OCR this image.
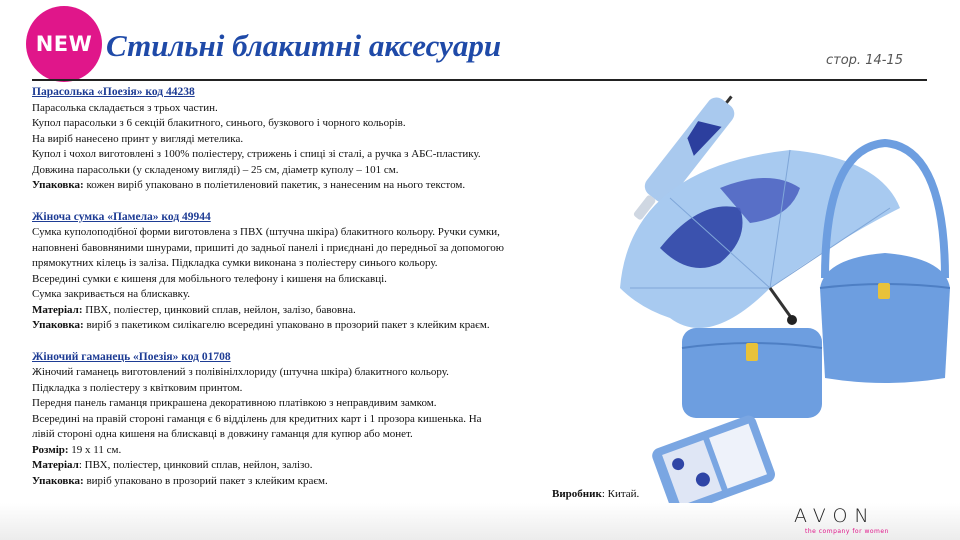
NEW Стильні блакитні аксесуари	стор. 14-15

Парасолька «Поезія» код 44238

Парасолька складається з трьох частин.

Купол парасольки з 6 секцій блакитного, синього, бузкового і чорного кольорів.

На виріб нанесено принт у вигляді метелика.

Купол і чохол виготовлені з 100% поліестеру, стрижень і спиці зі сталі, а ручка з АБС-пластику.

Довжина парасольки (у складеному вигляді) – 25 см, діаметр куполу – 101 см.

Упаковка: кожен виріб упаковано в поліетиленовий пакетик, з нанесеним на нього текстом.

Жіноча сумка «Памела» код 49944

Сумка куполоподібної форми виготовлена з ПВХ (штучна шкіра) блакитного кольору. Ручки сумки,

наповнені бавовняними шнурами, пришиті до задньої панелі і приєднані до передньої за допомогою

прямокутних кілець із заліза. Підкладка сумки виконана з поліестеру синього кольору.

Всередині сумки є кишеня для мобільного телефону і кишеня на блискавці.

Сумка закривається на блискавку.

Матеріал: ПВХ, поліестер, цинковий сплав, нейлон, залізо, бавовна.

Упаковка: виріб з пакетиком силікагелю всередині упаковано в прозорий пакет з клейким краєм.

Жіночий гаманець «Поезія» код 01708

Жіночий гаманець виготовлений з полівінілхлориду (штучна шкіра) блакитного кольору.

Підкладка з поліестеру з квітковим принтом.

Передня панель гаманця прикрашена декоративною платівкою з неправдивим замком.

Всередині на правій стороні гаманця є 6 відділень для кредитних карт і 1 прозора кишенька. На

лівій стороні одна кишеня на блискавці в довжину гаманця для купюр або монет.

Розмір: 19 х 11 см.

Матеріал: ПВХ, поліестер, цинковий сплав, нейлон, залізо.

Упаковка: виріб упаковано в прозорий пакет з клейким краєм.

Виробник: Китай.
AVON
the company for women
